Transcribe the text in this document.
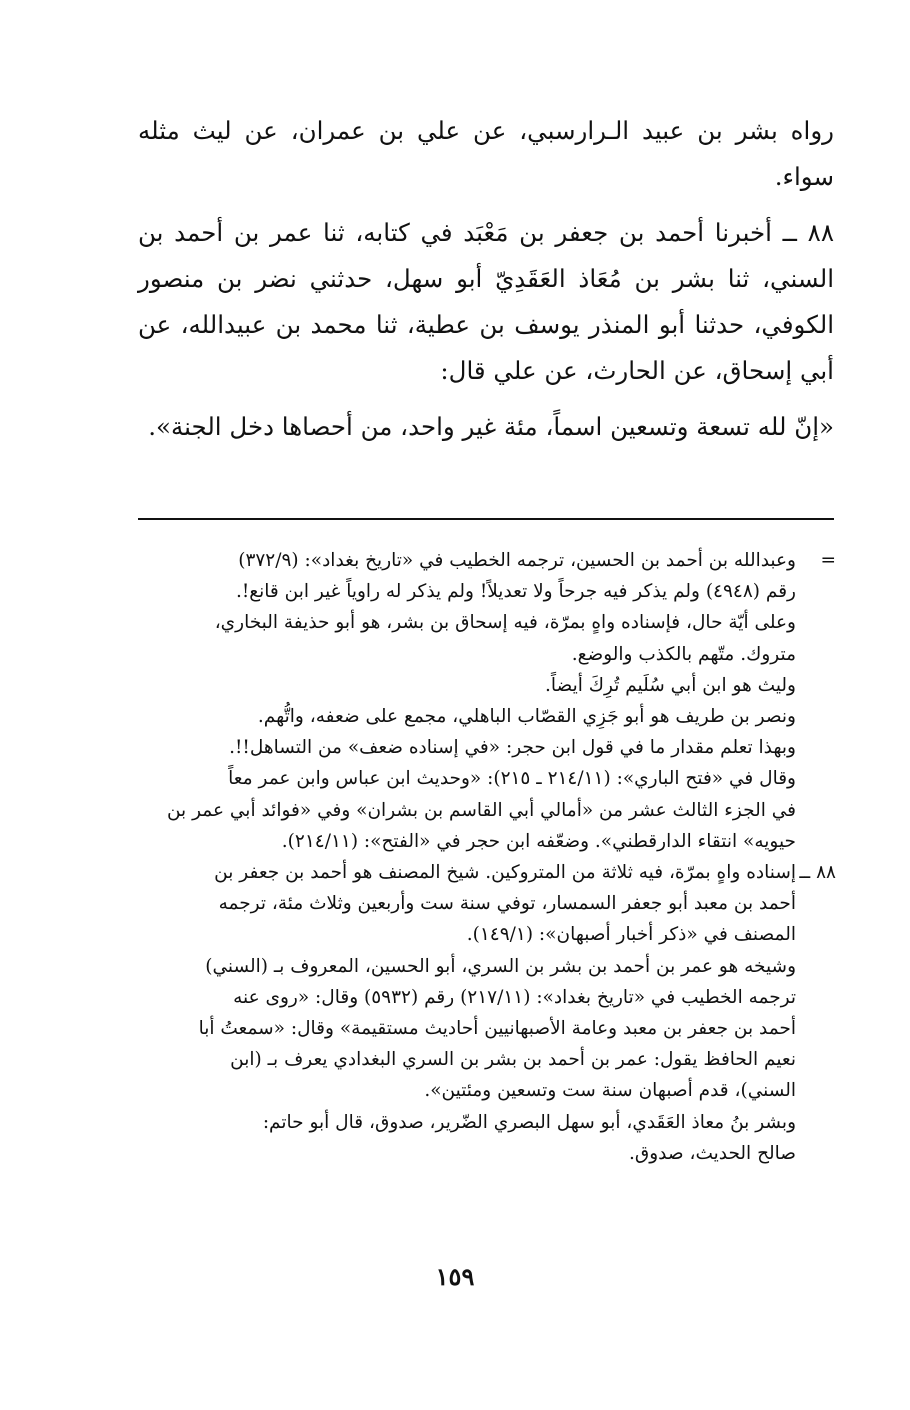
رواه بشر بن عبيد الـرارسبي، عن علي بن عمران، عن ليث مثله سواء.

٨٨ ــ أخبرنا أحمد بن جعفر بن مَعْبَد في كتابه، ثنا عمر بن أحمد بن السني، ثنا بشر بن مُعَاذ العَقَدِيّ أبو سهل، حدثني نضر بن منصور الكوفي، حدثنا أبو المنذر يوسف بن عطية، ثنا محمد بن عبيدالله، عن أبي إسحاق، عن الحارث، عن علي قال:

«إنّ لله تسعة وتسعين اسماً، مئة غير واحد، من أحصاها دخل الجنة».

=
وعبدالله بن أحمد بن الحسين، ترجمه الخطيب في «تاريخ بغداد»: (٣٧٢/٩)
رقم (٤٩٤٨) ولم يذكر فيه جرحاً ولا تعديلاً! ولم يذكر له راوياً غير ابن قانع!.
وعلى أيّة حال، فإسناده واهٍ بمرّة، فيه إسحاق بن بشر، هو أبو حذيفة البخاري،
متروك. متّهم بالكذب والوضع.
وليث هو ابن أبي سُلَيم تُرِكَ أيضاً.
ونصر بن طريف هو أبو جَزِي القصّاب الباهلي، مجمع على ضعفه، واتُّهم.
وبهذا تعلم مقدار ما في قول ابن حجر: «في إسناده ضعف» من التساهل!!.
وقال في «فتح الباري»: (٢١٤/١١ ـ ٢١٥): «وحديث ابن عباس وابن عمر معاً
في الجزء الثالث عشر من «أمالي أبي القاسم بن بشران» وفي «فوائد أبي عمر بن
حيويه» انتقاء الدارقطني». وضعّفه ابن حجر في «الفتح»: (٢١٤/١١).
٨٨ ــ
إسناده واهٍ بمرّة، فيه ثلاثة من المتروكين. شيخ المصنف هو أحمد بن جعفر بن
أحمد بن معبد أبو جعفر السمسار، توفي سنة ست وأربعين وثلاث مئة، ترجمه
المصنف في «ذكر أخبار أصبهان»: (١٤٩/١).
وشيخه هو عمر بن أحمد بن بشر بن السري، أبو الحسين، المعروف بـ (السني)
ترجمه الخطيب في «تاريخ بغداد»: (٢١٧/١١) رقم (٥٩٣٢) وقال: «روى عنه
أحمد بن جعفر بن معبد وعامة الأصبهانيين أحاديث مستقيمة» وقال: «سمعتُ أبا
نعيم الحافظ يقول: عمر بن أحمد بن بشر بن السري البغدادي يعرف بـ (ابن
السني)، قدم أصبهان سنة ست وتسعين ومئتين».
وبشر بنُ معاذ العَقَدي، أبو سهل البصري الضّرير، صدوق، قال أبو حاتم:
صالح الحديث، صدوق.
١٥٩
